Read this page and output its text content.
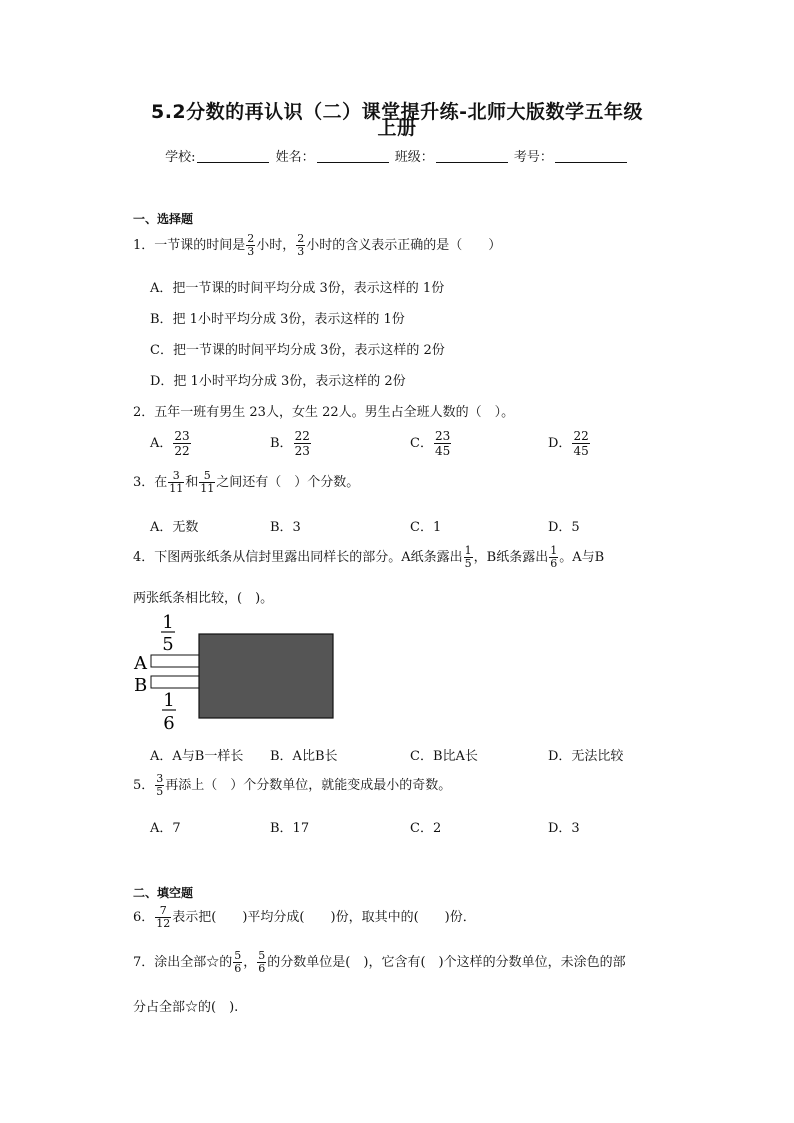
5.2分数的再认识（二）课堂提升练-北师大版数学五年级
上册
学校:	姓名：	班级：	考号：
一、选择题
1．一节课的时间是 $\frac{2}{3}$ 小时， $\frac{2}{3}$ 小时的含义表示正确的是（　　）
A．把一节课的时间平均分成 3份，表示这样的 1份
B．把 1小时平均分成 3份，表示这样的 1份
C．把一节课的时间平均分成 3份，表示这样的 2份
D．把 1小时平均分成 3份，表示这样的 2份
2．五年一班有男生 23人，女生 22人。男生占全班人数的（　）。
A． $\frac{23}{22}$	B． $\frac{22}{23}$	C． $\frac{23}{45}$	D． $\frac{22}{45}$
3．在 $\frac{3}{11}$ 和 $\frac{5}{11}$ 之间还有（　）个分数。
A．无数	B．3	C．1	D．5
4．下图两张纸条从信封里露出同样长的部分。A纸条露出 $\frac{1}{5}$ ，B纸条露出 $\frac{1}{6}$ 。A与B
两张纸条相比较，(　)。
1
5
A
B
1
6
A．A与B一样长 B．A比B长	C．B比A长	D．无法比较
5． $\frac{3}{5}$ 再添上（　）个分数单位，就能变成最小的奇数。
A．7	B．17	C．2	D．3
二、填空题
6． $\frac{7}{12}$ 表示把(　　)平均分成(　　)份，取其中的(　　)份．
7．涂出全部☆的 $\frac{5}{6}$ ， $\frac{5}{6}$ 的分数单位是(　)，它含有(　)个这样的分数单位，未涂色的部
分占全部☆的(　).
